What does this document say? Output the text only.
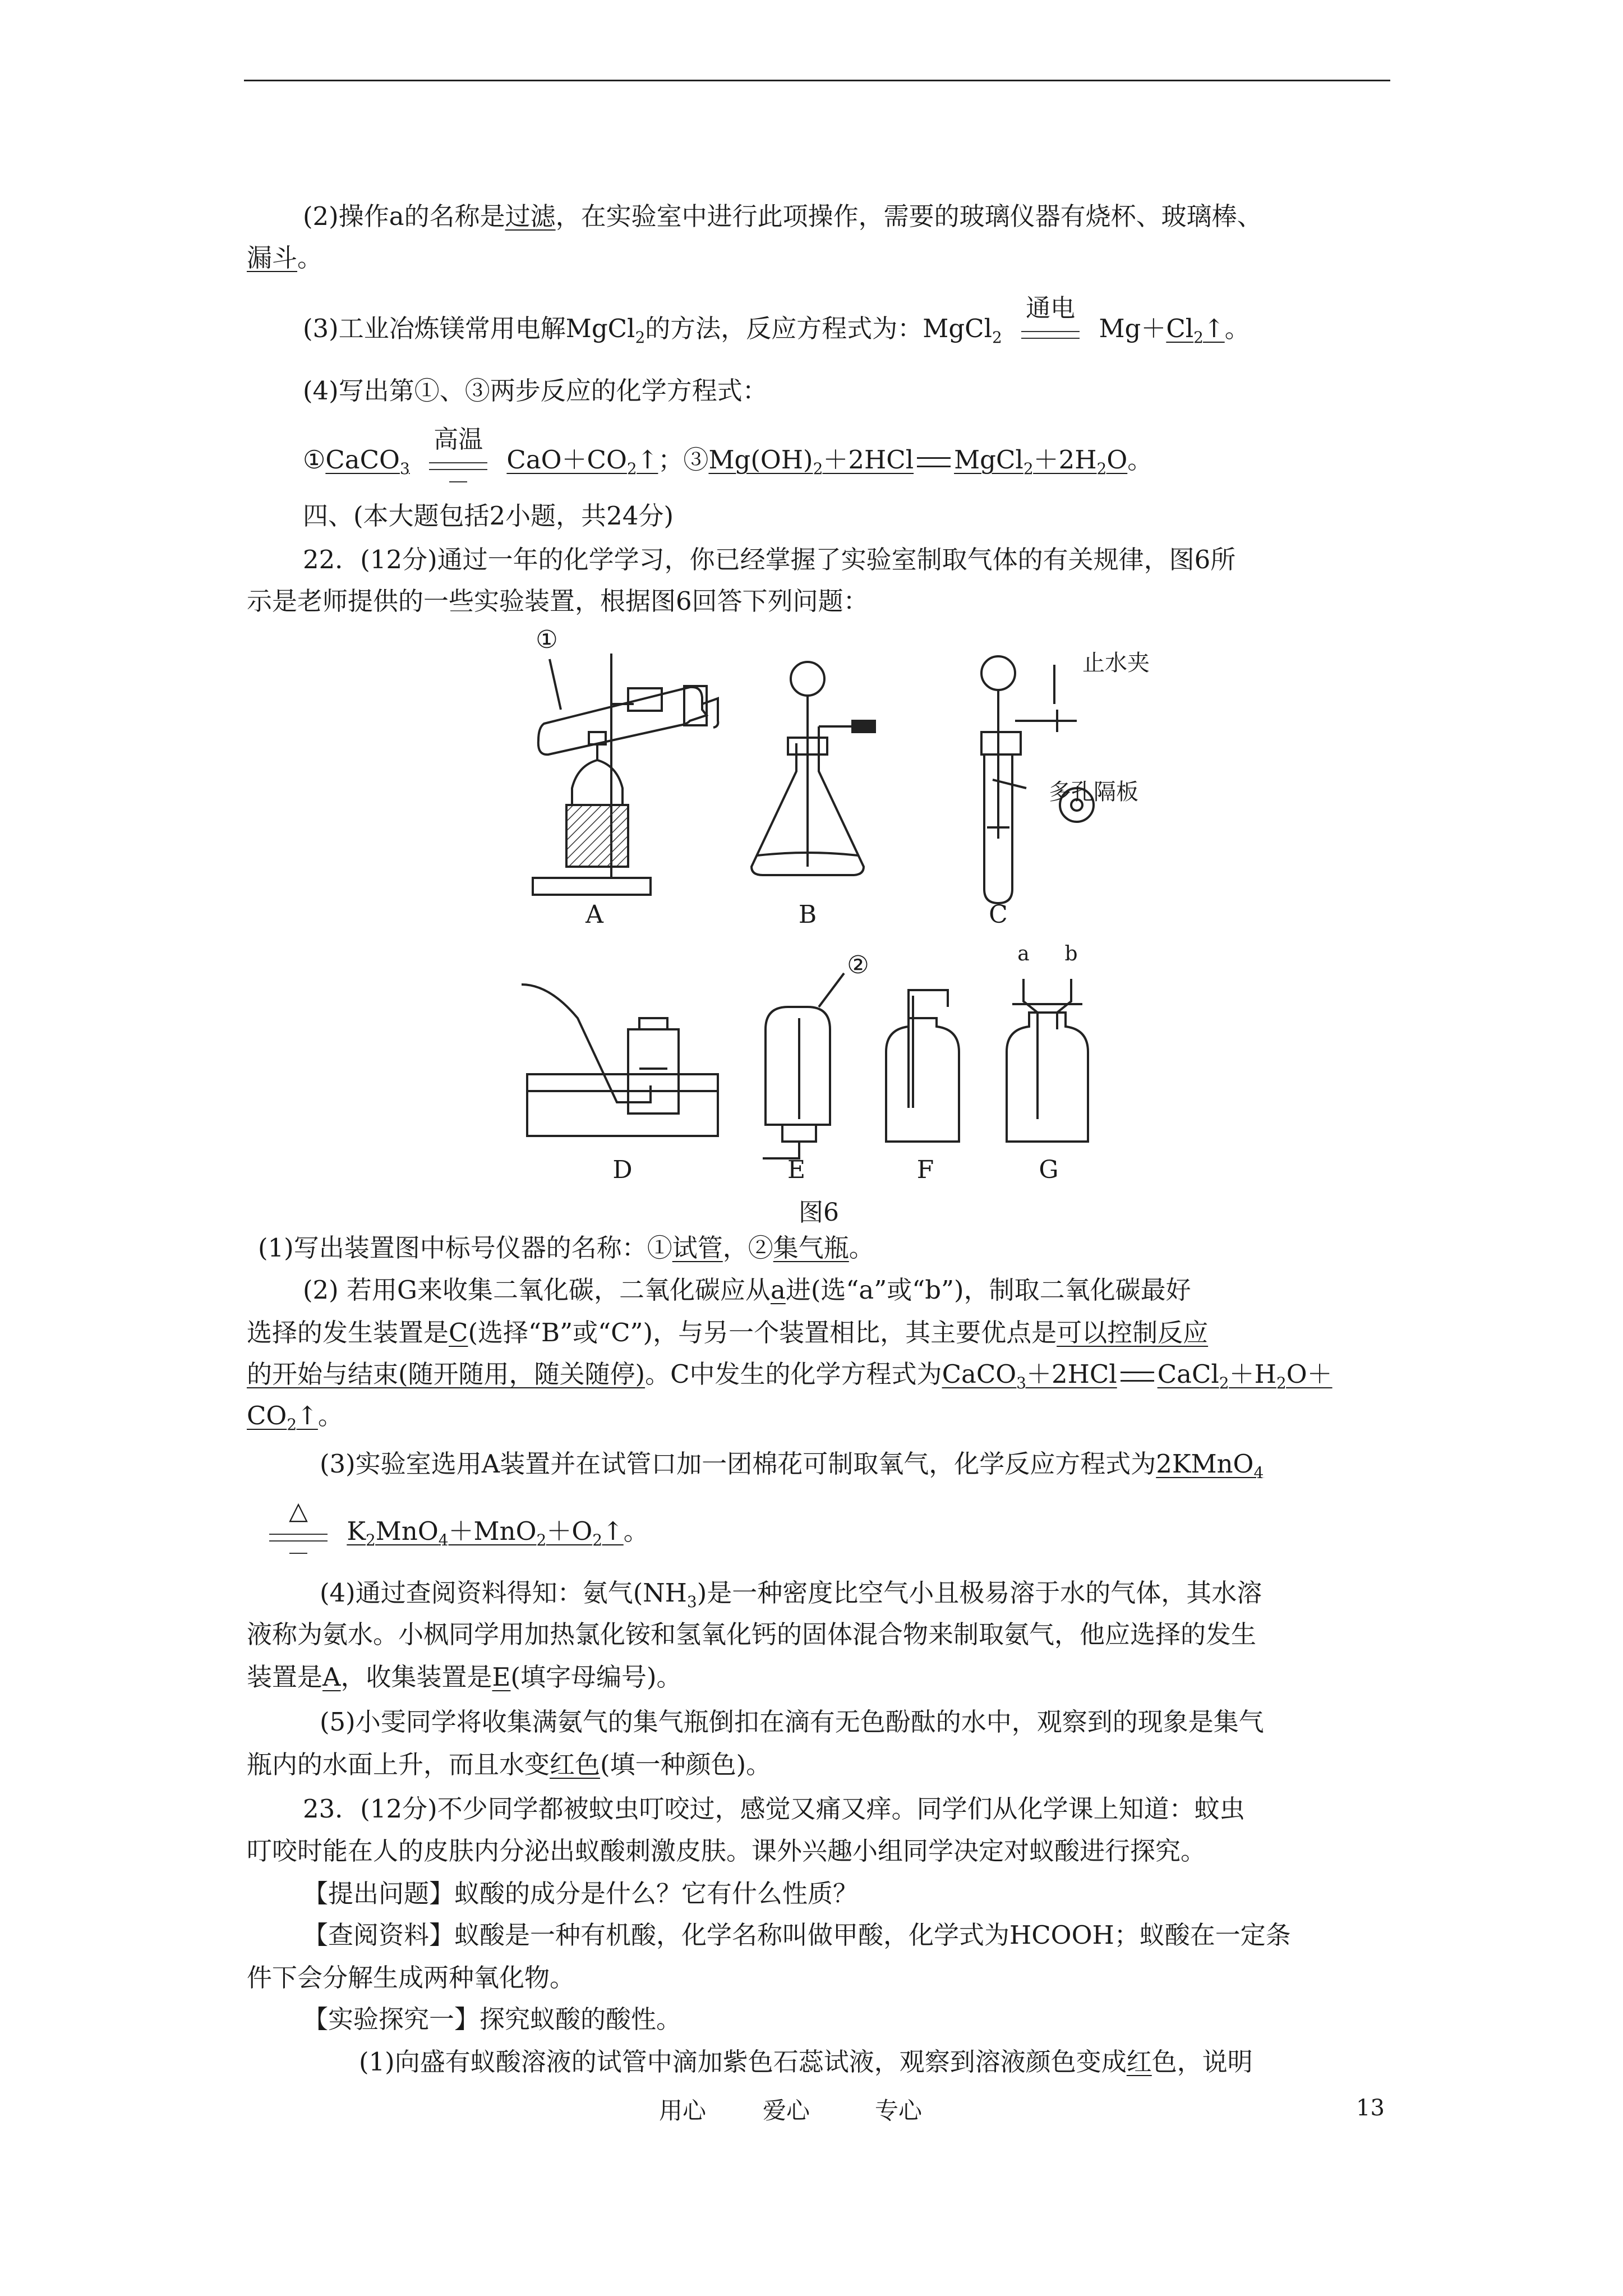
(2)操作a的名称是过滤，在实验室中进行此项操作，需要的玻璃仪器有烧杯、玻璃棒、
漏斗。
(3)工业冶炼镁常用电解MgCl$_2$的方法，反应方程式为：MgCl$_2$
通电
$Mg+Cl_2↑$。
(4)写出第①、③两步反应的化学方程式：
①CaCO$_3$
高温
$CaO+CO_2↑$；$③Mg(OH)_2+2HCl$ $MgCl_2+2H_2O$。
四、(本大题包括2小题，共24分)
22．(12分)通过一年的化学学习，你已经掌握了实验室制取气体的有关规律，图6所
示是老师提供的一些实验装置，根据图6回答下列问题：
①
②
止水夹
多孔隔板
a	b
A	B	C
D	E	F	G
图6
(1)写出装置图中标号仪器的名称：①试管，②集气瓶。
(2) 若用G来收集二氧化碳，二氧化碳应从a进(选“a”或“b”)，制取二氧化碳最好
选择的发生装置是C(选择“B”或“C”)，与另一个装置相比，其主要优点是可以控制反应
的开始与结束(随开随用，随关随停)。C中发生的化学方程式为CaCO$_3$＋2HCl $CaCl_2+H_2O+$
$CO_2↑$。
(3)实验室选用A装置并在试管口加一团棉花可制取氧气，化学反应方程式为2KMnO$_4$
△
$K_2MnO_4+MnO_2+O_2↑$。
(4)通过查阅资料得知：氨气$(NH_3)$是一种密度比空气小且极易溶于水的气体，其水溶
液称为氨水。小枫同学用加热氯化铵和氢氧化钙的固体混合物来制取氨气，他应选择的发生
装置是A，收集装置是E(填字母编号)。
(5)小雯同学将收集满氨气的集气瓶倒扣在滴有无色酚酞的水中，观察到的现象是集气
瓶内的水面上升，而且水变红色(填一种颜色)。
23．(12分)不少同学都被蚊虫叮咬过，感觉又痛又痒。同学们从化学课上知道：蚊虫
叮咬时能在人的皮肤内分泌出蚁酸刺激皮肤。课外兴趣小组同学决定对蚁酸进行探究。
【提出问题】蚁酸的成分是什么？它有什么性质？
【查阅资料】蚁酸是一种有机酸，化学名称叫做甲酸，化学式为HCOOH；蚁酸在一定条
件下会分解生成两种氧化物。
【实验探究一】探究蚁酸的酸性。
(1)向盛有蚁酸溶液的试管中滴加紫色石蕊试液，观察到溶液颜色变成红色，说明
用心 爱心	专心	13
